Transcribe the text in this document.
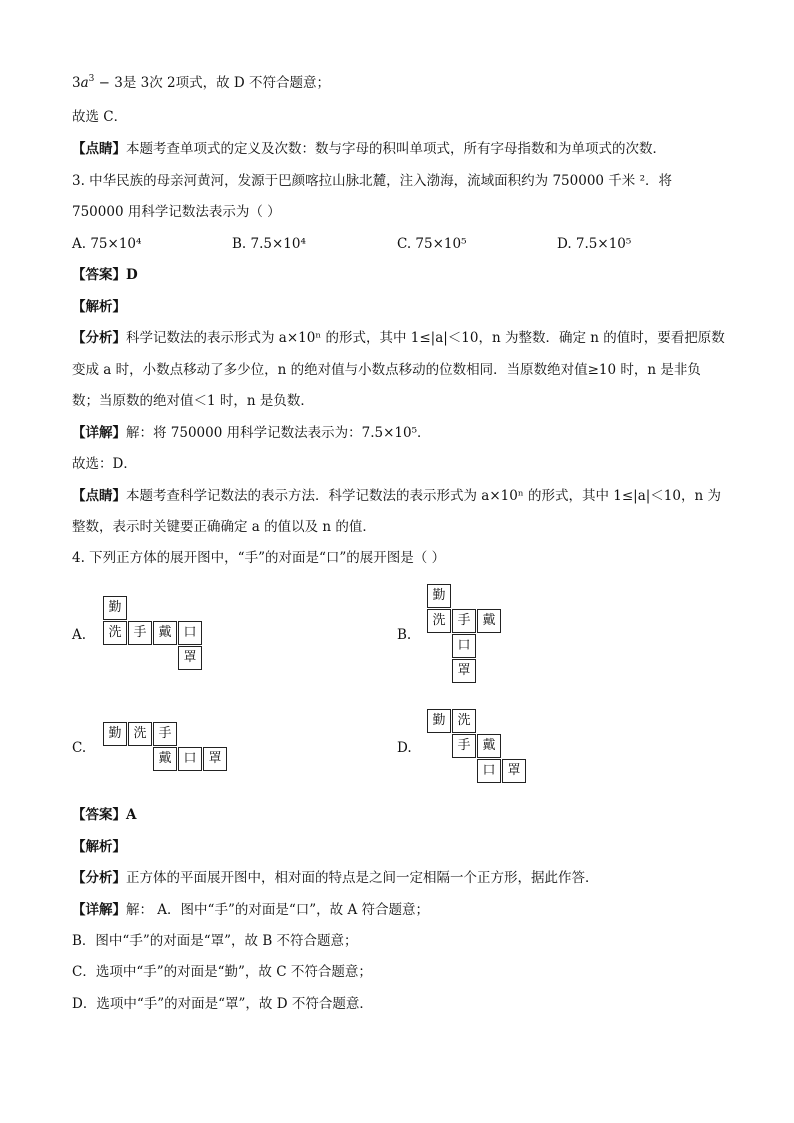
$3a^3 - 3$是 3次 2项式，故 D 不符合题意；
故选 C．
【点睛】本题考查单项式的定义及次数：数与字母的积叫单项式，所有字母指数和为单项式的次数．
3. 中华民族的母亲河黄河，发源于巴颜喀拉山脉北麓，注入渤海，流域面积约为 750000 千米 ²．将
750000 用科学记数法表示为（ ）
A. 75×10⁴	B. 7.5×10⁴	C. 75×10⁵	D. 7.5×10⁵
【答案】D
【解析】
【分析】科学记数法的表示形式为 a×10ⁿ 的形式，其中 1≤|a|＜10，n 为整数．确定 n 的值时，要看把原数
变成 a 时，小数点移动了多少位，n 的绝对值与小数点移动的位数相同．当原数绝对值≥10 时，n 是非负
数；当原数的绝对值＜1 时，n 是负数．
【详解】解：将 750000 用科学记数法表示为：7.5×10⁵．
故选：D．
【点睛】本题考查科学记数法的表示方法．科学记数法的表示形式为 a×10ⁿ 的形式，其中 1≤|a|＜10，n 为
整数，表示时关键要正确确定 a 的值以及 n 的值．
4. 下列正方体的展开图中，“手”的对面是“口”的展开图是（ ）
A.
勤
洗 手 戴 口
罩
B.
勤
洗 手 戴
口
罩
C.
勤 洗 手
戴 口 罩
D.
勤 洗
手 戴
口 罩
【答案】A
【解析】
【分析】正方体的平面展开图中，相对面的特点是之间一定相隔一个正方形，据此作答．
【详解】解： A．图中“手”的对面是“口”，故 A 符合题意；
B．图中“手”的对面是“罩”，故 B 不符合题意；
C．选项中“手”的对面是“勤”，故 C 不符合题意；
D．选项中“手”的对面是“罩”，故 D 不符合题意．
